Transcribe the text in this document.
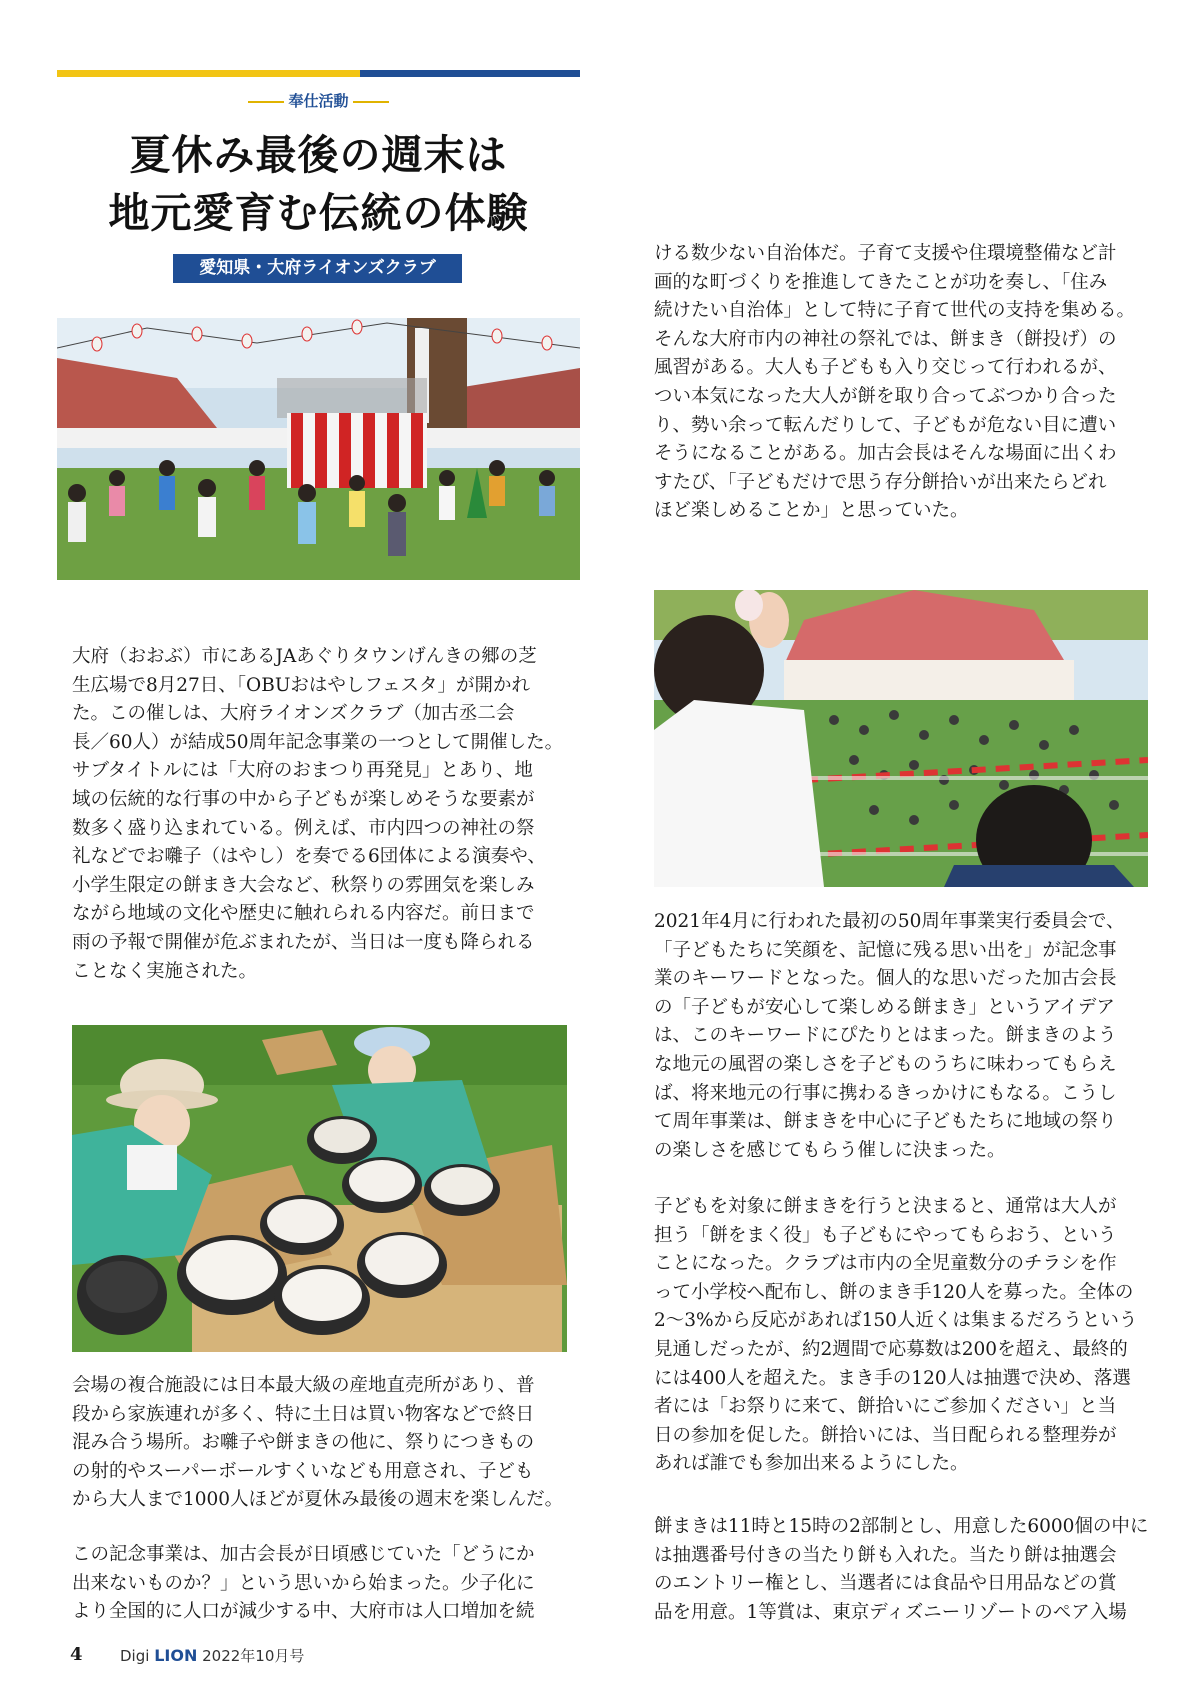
奉仕活動
夏休み最後の週末は
地元愛育む伝統の体験
愛知県・大府ライオンズクラブ
大府（おおぶ）市にあるJAあぐりタウンげんきの郷の芝
生広場で8月27日、「OBUおはやしフェスタ」が開かれ
た。この催しは、大府ライオンズクラブ（加古丞二会
長／60人）が結成50周年記念事業の一つとして開催した。
サブタイトルには「大府のおまつり再発見」とあり、地
域の伝統的な行事の中から子どもが楽しめそうな要素が
数多く盛り込まれている。例えば、市内四つの神社の祭
礼などでお囃子（はやし）を奏でる6団体による演奏や、
小学生限定の餅まき大会など、秋祭りの雰囲気を楽しみ
ながら地域の文化や歴史に触れられる内容だ。前日まで
雨の予報で開催が危ぶまれたが、当日は一度も降られる
ことなく実施された。
会場の複合施設には日本最大級の産地直売所があり、普
段から家族連れが多く、特に土日は買い物客などで終日
混み合う場所。お囃子や餅まきの他に、祭りにつきもの
の射的やスーパーボールすくいなども用意され、子ども
から大人まで1000人ほどが夏休み最後の週末を楽しんだ。
この記念事業は、加古会長が日頃感じていた「どうにか
出来ないものか？」という思いから始まった。少子化に
より全国的に人口が減少する中、大府市は人口増加を続
ける数少ない自治体だ。子育て支援や住環境整備など計
画的な町づくりを推進してきたことが功を奏し、「住み
続けたい自治体」として特に子育て世代の支持を集める。
そんな大府市内の神社の祭礼では、餅まき（餅投げ）の
風習がある。大人も子どもも入り交じって行われるが、
つい本気になった大人が餅を取り合ってぶつかり合った
り、勢い余って転んだりして、子どもが危ない目に遭い
そうになることがある。加古会長はそんな場面に出くわ
すたび、「子どもだけで思う存分餅拾いが出来たらどれ
ほど楽しめることか」と思っていた。
2021年4月に行われた最初の50周年事業実行委員会で、
「子どもたちに笑顔を、記憶に残る思い出を」が記念事
業のキーワードとなった。個人的な思いだった加古会長
の「子どもが安心して楽しめる餅まき」というアイデア
は、このキーワードにぴたりとはまった。餅まきのよう
な地元の風習の楽しさを子どものうちに味わってもらえ
ば、将来地元の行事に携わるきっかけにもなる。こうし
て周年事業は、餅まきを中心に子どもたちに地域の祭り
の楽しさを感じてもらう催しに決まった。
子どもを対象に餅まきを行うと決まると、通常は大人が
担う「餅をまく役」も子どもにやってもらおう、という
ことになった。クラブは市内の全児童数分のチラシを作
って小学校へ配布し、餅のまき手120人を募った。全体の
2～3%から反応があれば150人近くは集まるだろうという
見通しだったが、約2週間で応募数は200を超え、最終的
には400人を超えた。まき手の120人は抽選で決め、落選
者には「お祭りに来て、餅拾いにご参加ください」と当
日の参加を促した。餅拾いには、当日配られる整理券が
あれば誰でも参加出来るようにした。
餅まきは11時と15時の2部制とし、用意した6000個の中に
は抽選番号付きの当たり餅も入れた。当たり餅は抽選会
のエントリー権とし、当選者には食品や日用品などの賞
品を用意。1等賞は、東京ディズニーリゾートのペア入場
4 Digi LION 2022年10月号
